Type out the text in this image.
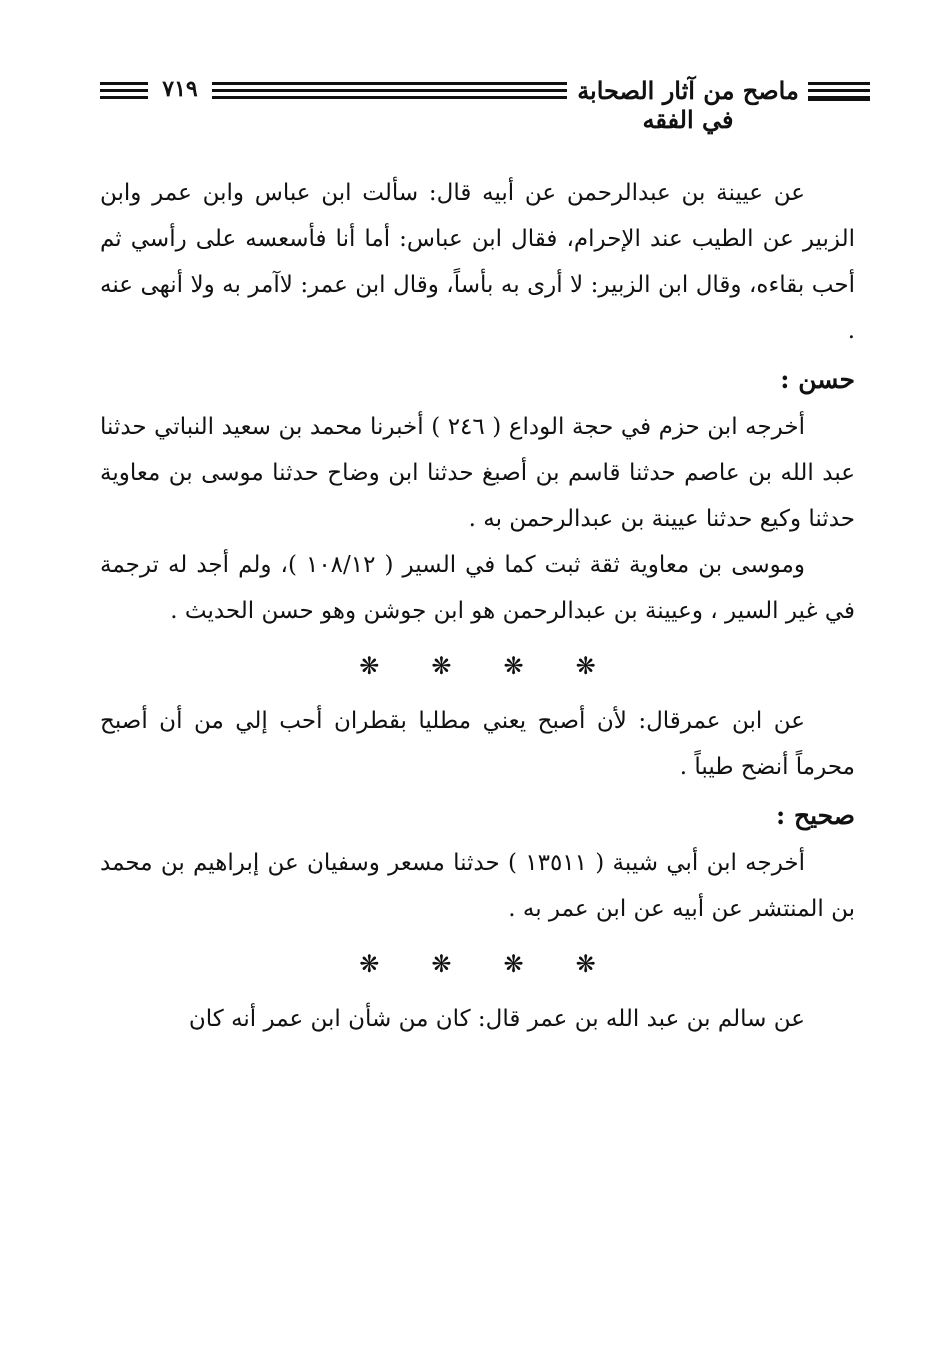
٧١٩	ماصح من آثار الصحابة في الفقه

عن عيينة بن عبدالرحمن عن أبيه قال: سألت ابن عباس وابن عمر وابن الزبير عن الطيب عند الإحرام، فقال ابن عباس: أما أنا فأسعسه على رأسي ثم أحب بقاءه، وقال ابن الزبير: لا أرى به بأساً، وقال ابن عمر: لاآمر به ولا أنهى عنه .

حسن :

أخرجه ابن حزم في حجة الوداع ( ٢٤٦ ) أخبرنا محمد بن سعيد النباتي حدثنا عبد الله بن عاصم حدثنا قاسم بن أصبغ حدثنا ابن وضاح حدثنا موسى بن معاوية حدثنا وكيع حدثنا عيينة بن عبدالرحمن به .

وموسى بن معاوية ثقة ثبت كما في السير ( ١٠٨/١٢ )، ولم أجد له ترجمة في غير السير ، وعيينة بن عبدالرحمن هو ابن جوشن وهو حسن الحديث .

❋❋❋❋

عن ابن عمرقال: لأن أصبح يعني مطليا بقطران أحب إلي من أن أصبح محرماً أنضح طيباً .

صحيح :

أخرجه ابن أبي شيبة ( ١٣٥١١ ) حدثنا مسعر وسفيان عن إبراهيم بن محمد بن المنتشر عن أبيه عن ابن عمر به .

❋❋❋❋

عن سالم بن عبد الله بن عمر قال: كان من شأن ابن عمر أنه كان
